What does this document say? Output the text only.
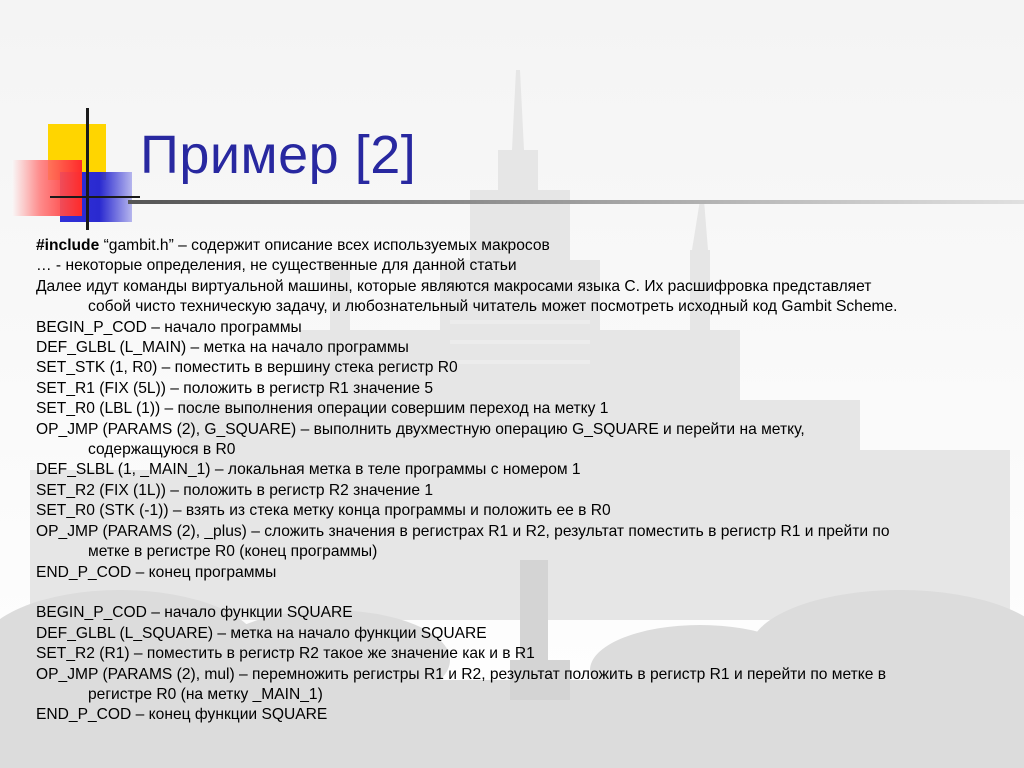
Пример [2]
#include “gambit.h” – содержит описание всех используемых макросов
… - некоторые определения, не существенные для данной статьи
Далее идут команды виртуальной машины, которые являются макросами языка С. Их расшифровка представляет
собой чисто техническую задачу, и любознательный читатель может посмотреть исходный код Gambit Scheme.
BEGIN_P_COD – начало программы
DEF_GLBL (L_MAIN) – метка на начало программы
SET_STK (1, R0) – поместить в вершину стека регистр R0
SET_R1 (FIX (5L)) – положить в регистр R1 значение 5
SET_R0 (LBL (1)) – после выполнения операции совершим переход на метку 1
OP_JMP (PARAMS (2), G_SQUARE) – выполнить двухместную операцию G_SQUARE и перейти на метку,
содержащуюся в R0
DEF_SLBL (1, _MAIN_1) – локальная метка в теле программы с номером 1
SET_R2 (FIX (1L)) – положить в регистр R2 значение 1
SET_R0 (STK (-1)) – взять из стека метку конца программы и положить ее в R0
OP_JMP (PARAMS (2), _plus) – сложить значения в регистрах R1 и R2, результат поместить в регистр R1 и прейти по
метке в регистре R0 (конец программы)
END_P_COD – конец программы
BEGIN_P_COD – начало функции SQUARE
DEF_GLBL (L_SQUARE) – метка на начало функции SQUARE
SET_R2 (R1) – поместить в регистр R2 такое же значение как и в R1
OP_JMP (PARAMS (2), mul) – перемножить регистры R1 и R2, результат положить в регистр R1 и перейти по метке в
регистре R0 (на метку _MAIN_1)
END_P_COD – конец функции SQUARE
